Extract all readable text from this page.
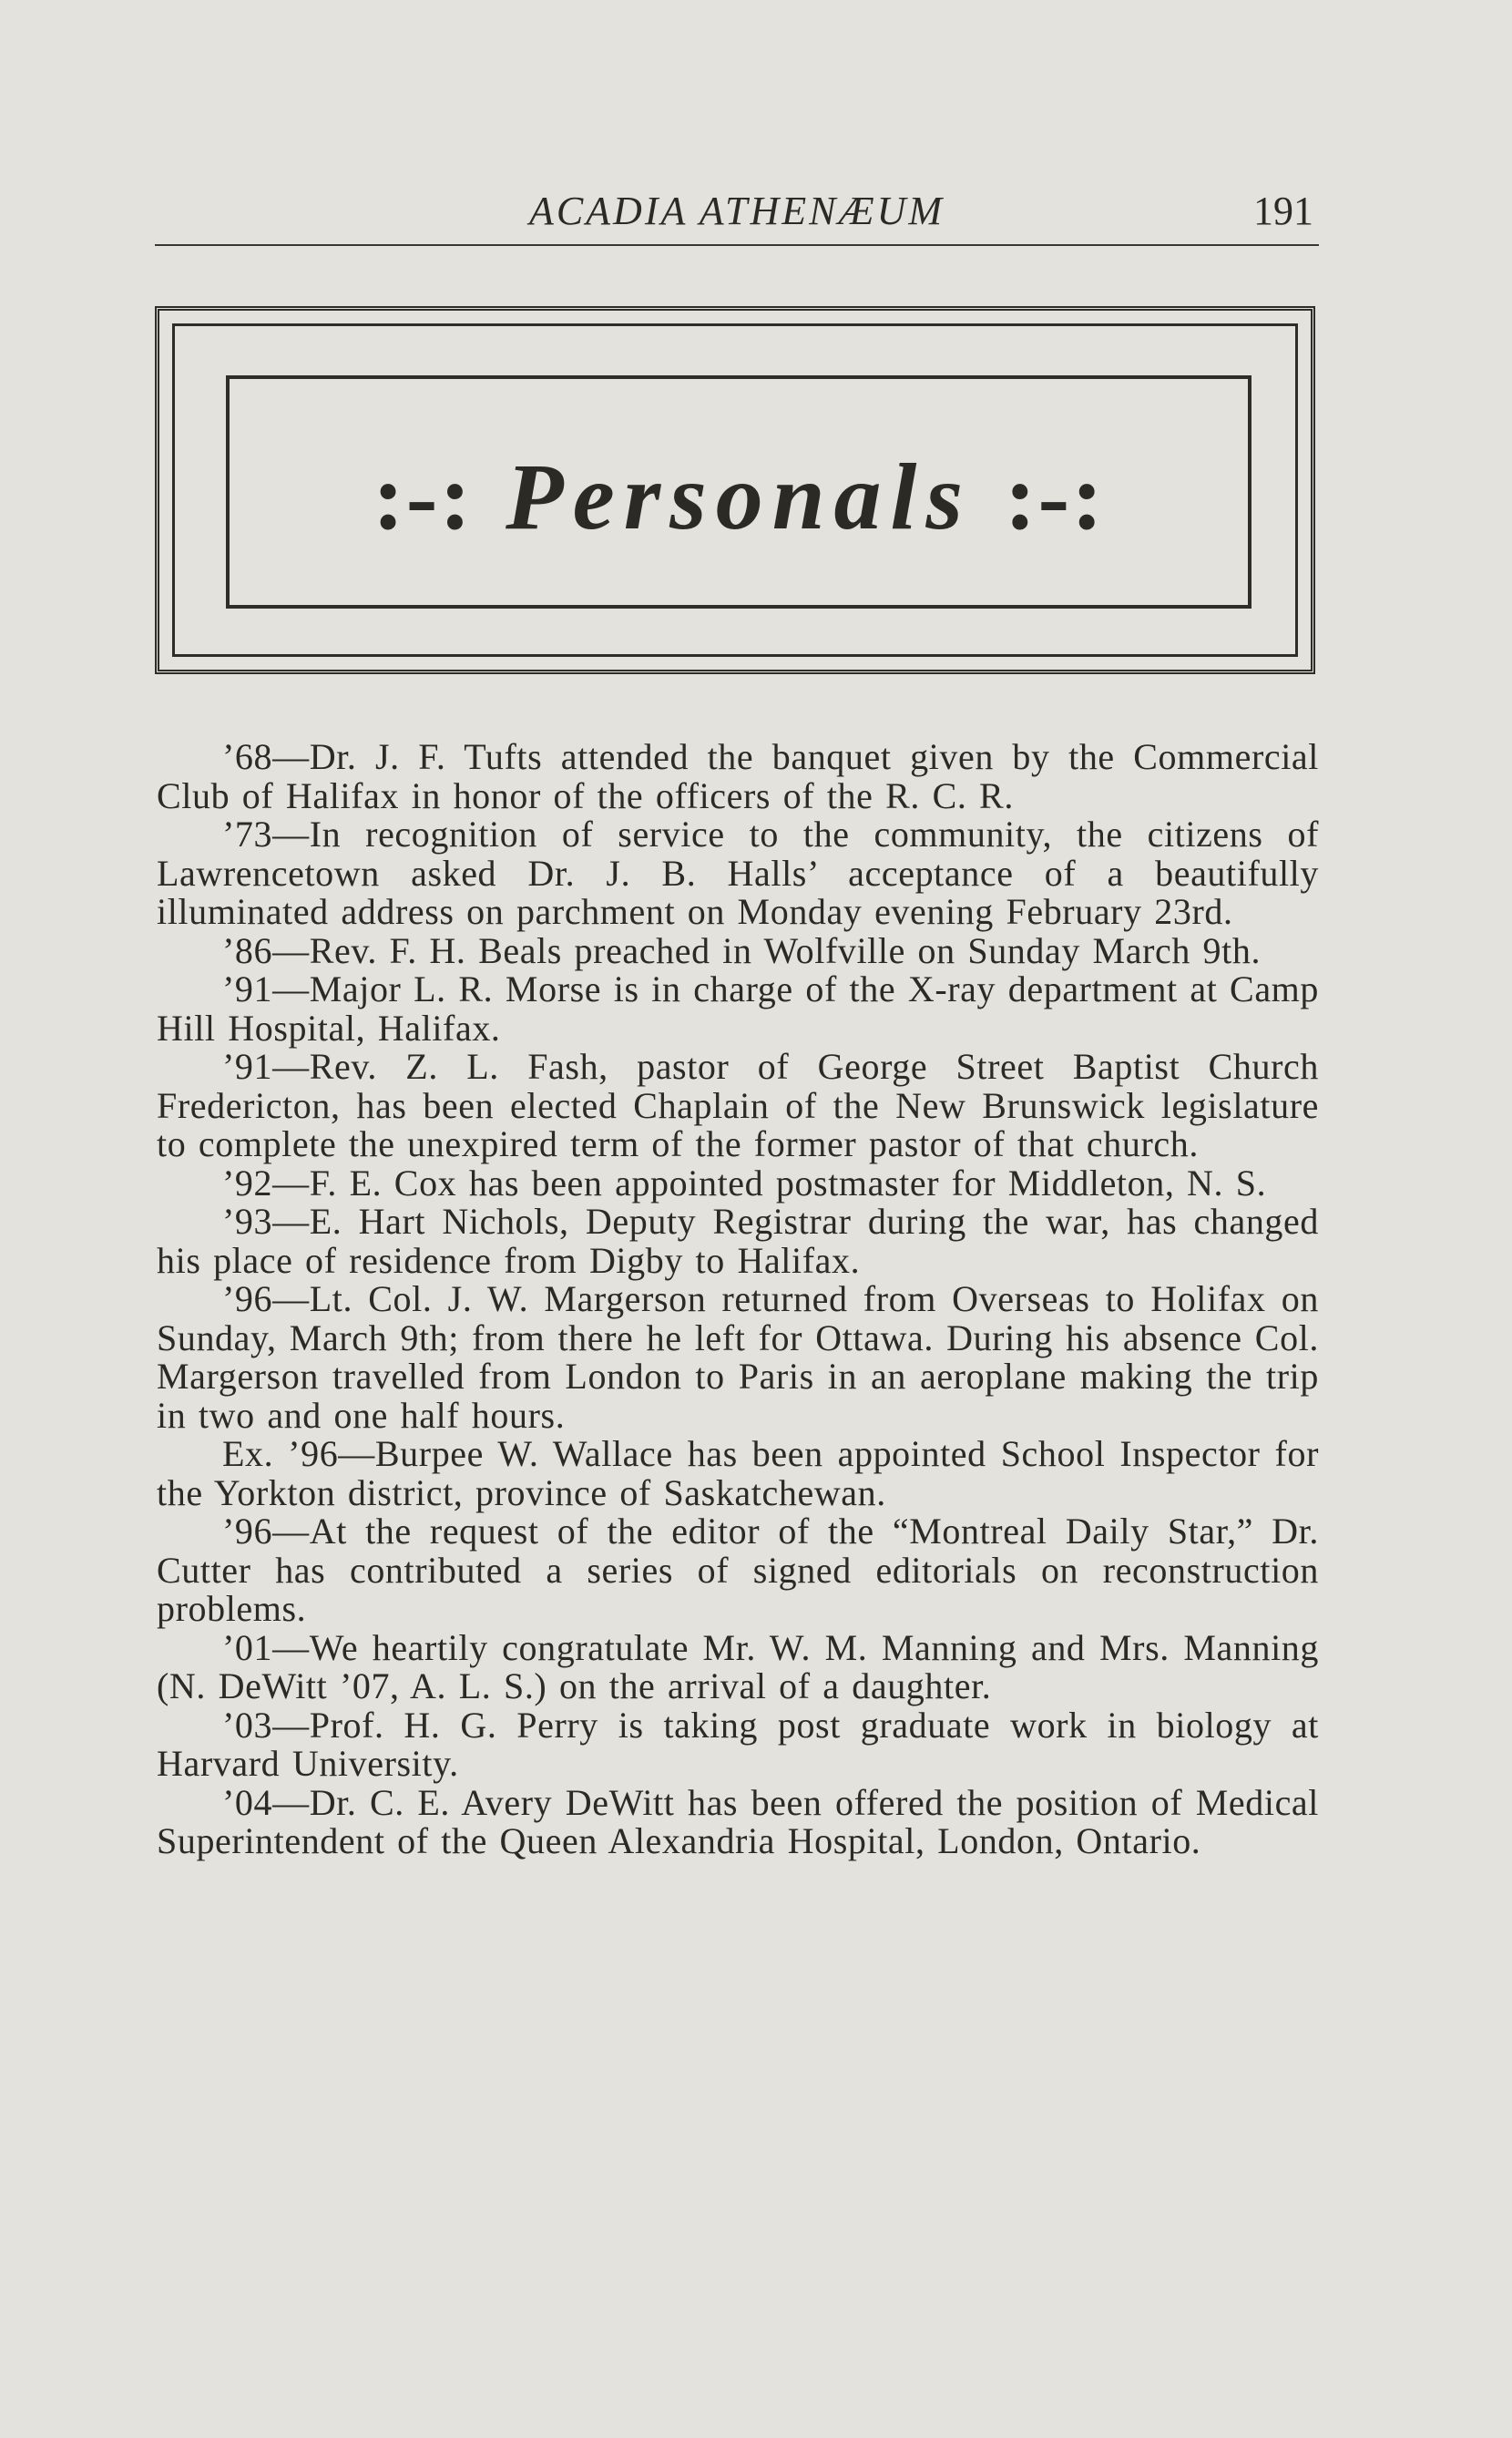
ACADIA ATHENÆUM	191
:-: Personals :-:

’68—Dr. J. F. Tufts attended the banquet given by the Commercial Club of Halifax in honor of the officers of the R. C. R.

’73—In recognition of service to the community, the citizens of Lawrencetown asked Dr. J. B. Halls’ acceptance of a beautifully illuminated address on parchment on Monday evening February 23rd.

’86—Rev. F. H. Beals preached in Wolfville on Sunday March 9th.

’91—Major L. R. Morse is in charge of the X-ray department at Camp Hill Hospital, Halifax.

’91—Rev. Z. L. Fash, pastor of George Street Baptist Church Fredericton, has been elected Chaplain of the New Brunswick legislature to complete the unexpired term of the former pastor of that church.

’92—F. E. Cox has been appointed postmaster for Middleton, N. S.

’93—E. Hart Nichols, Deputy Registrar during the war, has changed his place of residence from Digby to Halifax.

’96—Lt. Col. J. W. Margerson returned from Overseas to Holifax on Sunday, March 9th; from there he left for Ottawa. During his absence Col. Margerson travelled from London to Paris in an aeroplane making the trip in two and one half hours.

Ex. ’96—Burpee W. Wallace has been appointed School Inspector for the Yorkton district, province of Saskatchewan.

’96—At the request of the editor of the “Montreal Daily Star,” Dr. Cutter has contributed a series of signed editorials on reconstruction problems.

’01—We heartily congratulate Mr. W. M. Manning and Mrs. Manning (N. DeWitt ’07, A. L. S.) on the arrival of a daughter.

’03—Prof. H. G. Perry is taking post graduate work in biology at Harvard University.

’04—Dr. C. E. Avery DeWitt has been offered the position of Medical Superintendent of the Queen Alexandria Hospital, London, Ontario.
